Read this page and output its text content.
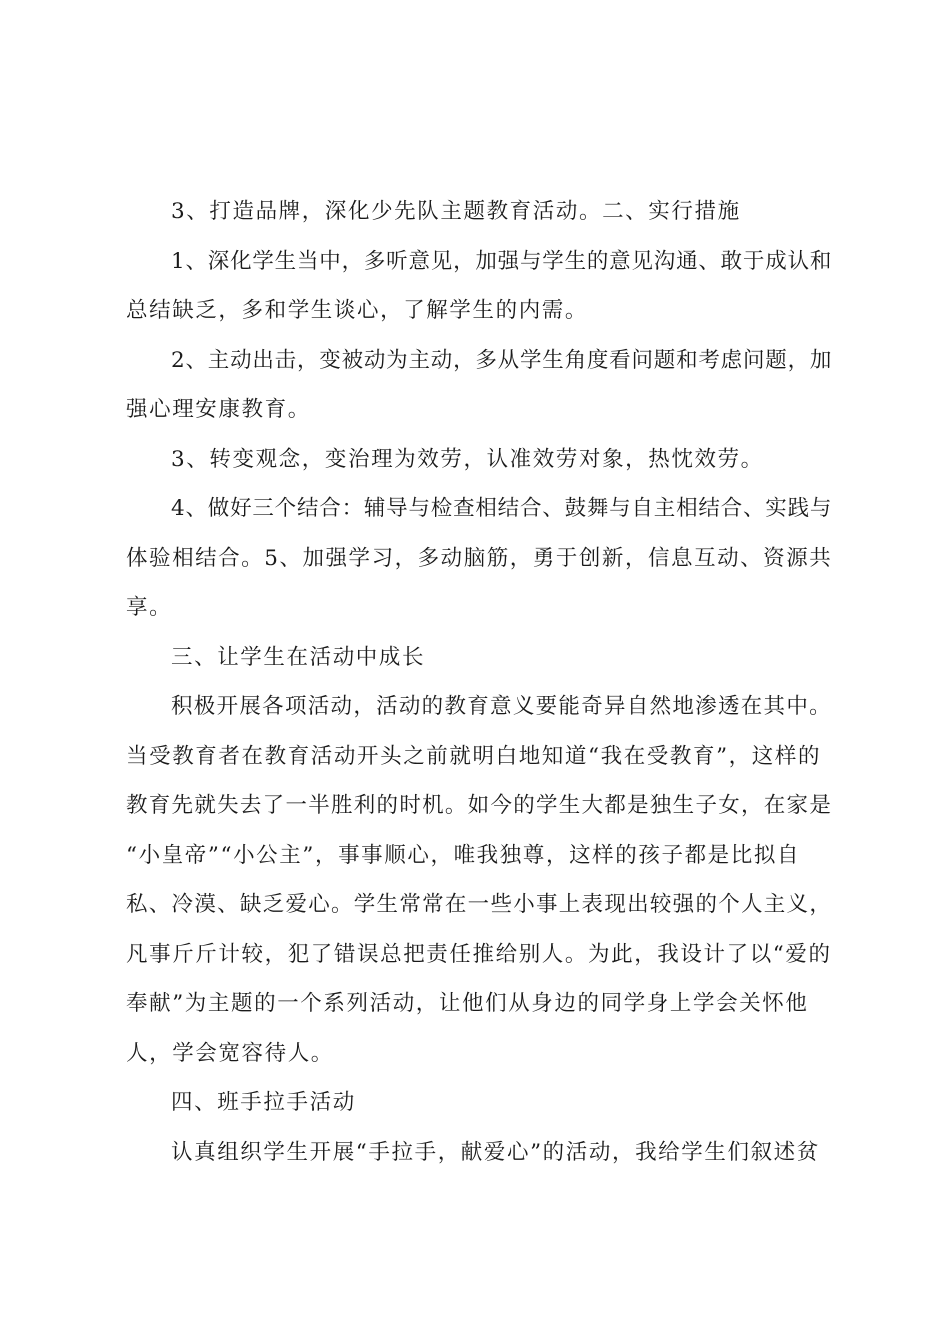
3、打造品牌，深化少先队主题教育活动。二、实行措施
1、深化学生当中，多听意见，加强与学生的意见沟通、敢于成认和
总结缺乏，多和学生谈心，了解学生的内需。
2、主动出击，变被动为主动，多从学生角度看问题和考虑问题，加
强心理安康教育。
3、转变观念，变治理为效劳，认准效劳对象，热忱效劳。
4、做好三个结合：辅导与检查相结合、鼓舞与自主相结合、实践与
体验相结合。5、加强学习，多动脑筋，勇于创新，信息互动、资源共
享。
三、让学生在活动中成长
积极开展各项活动，活动的教育意义要能奇异自然地渗透在其中。
当受教育者在教育活动开头之前就明白地知道“我在受教育”，这样的
教育先就失去了一半胜利的时机。如今的学生大都是独生子女，在家是
“小皇帝”“小公主”，事事顺心，唯我独尊，这样的孩子都是比拟自
私、冷漠、缺乏爱心。学生常常在一些小事上表现出较强的个人主义，
凡事斤斤计较，犯了错误总把责任推给别人。为此，我设计了以“爱的
奉献”为主题的一个系列活动，让他们从身边的同学身上学会关怀他
人，学会宽容待人。
四、班手拉手活动
认真组织学生开展“手拉手，献爱心”的活动，我给学生们叙述贫
